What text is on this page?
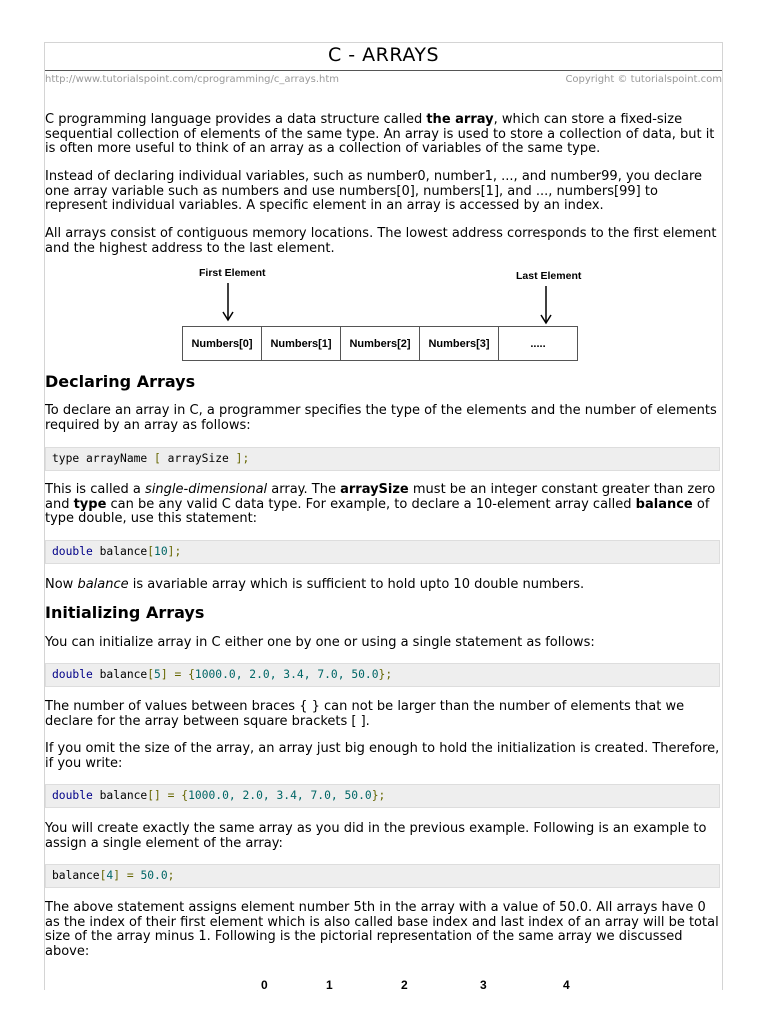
C - ARRAYS
http://www.tutorialspoint.com/cprogramming/c_arrays.htm	Copyright © tutorialspoint.com

C programming language provides a data structure called the array, which can store a fixed-size sequential collection of elements of the same type. An array is used to store a collection of data, but it is often more useful to think of an array as a collection of variables of the same type.

Instead of declaring individual variables, such as number0, number1, ..., and number99, you declare one array variable such as numbers and use numbers[0], numbers[1], and ..., numbers[99] to represent individual variables. A specific element in an array is accessed by an index.

All arrays consist of contiguous memory locations. The lowest address corresponds to the first element and the highest address to the last element.

First Element	Last Element
Numbers[0]	Numbers[1]	Numbers[2]	Numbers[3]	.....
Declaring Arrays

To declare an array in C, a programmer specifies the type of the elements and the number of elements required by an array as follows:

type arrayName [ arraySize ];

This is called a single-dimensional array. The arraySize must be an integer constant greater than zero and type can be any valid C data type. For example, to declare a 10-element array called balance of type double, use this statement:

double balance[10];

Now balance is avariable array which is sufficient to hold upto 10 double numbers.

Initializing Arrays

You can initialize array in C either one by one or using a single statement as follows:

double balance[5] = {1000.0, 2.0, 3.4, 7.0, 50.0};

The number of values between braces { } can not be larger than the number of elements that we declare for the array between square brackets [ ].

If you omit the size of the array, an array just big enough to hold the initialization is created. Therefore, if you write:

double balance[] = {1000.0, 2.0, 3.4, 7.0, 50.0};

You will create exactly the same array as you did in the previous example. Following is an example to assign a single element of the array:

balance[4] = 50.0;

The above statement assigns element number 5th in the array with a value of 50.0. All arrays have 0 as the index of their first element which is also called base index and last index of an array will be total size of the array minus 1. Following is the pictorial representation of the same array we discussed above:

0	1	2	3	4
